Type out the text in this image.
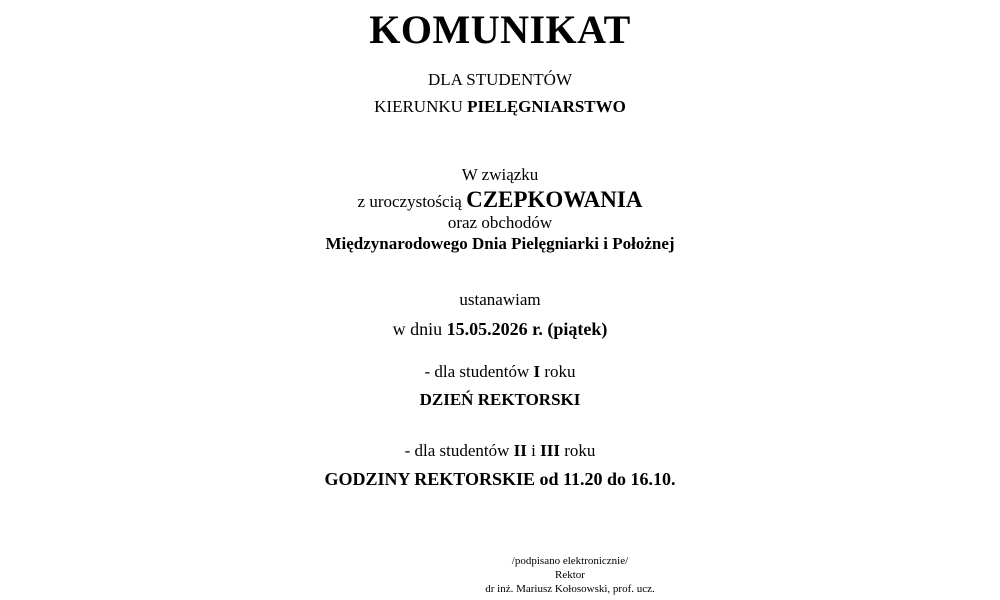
KOMUNIKAT
DLA STUDENTÓW
KIERUNKU PIELĘGNIARSTWO
W związku
z uroczystością CZEPKOWANIA
oraz obchodów
Międzynarodowego Dnia Pielęgniarki i Położnej
ustanawiam
w dniu 15.05.2026 r. (piątek)
- dla studentów I roku
DZIEŃ REKTORSKI
- dla studentów II i III roku
GODZINY REKTORSKIE od 11.20 do 16.10.
/podpisano elektronicznie/
Rektor
dr inż. Mariusz Kołosowski, prof. ucz.
